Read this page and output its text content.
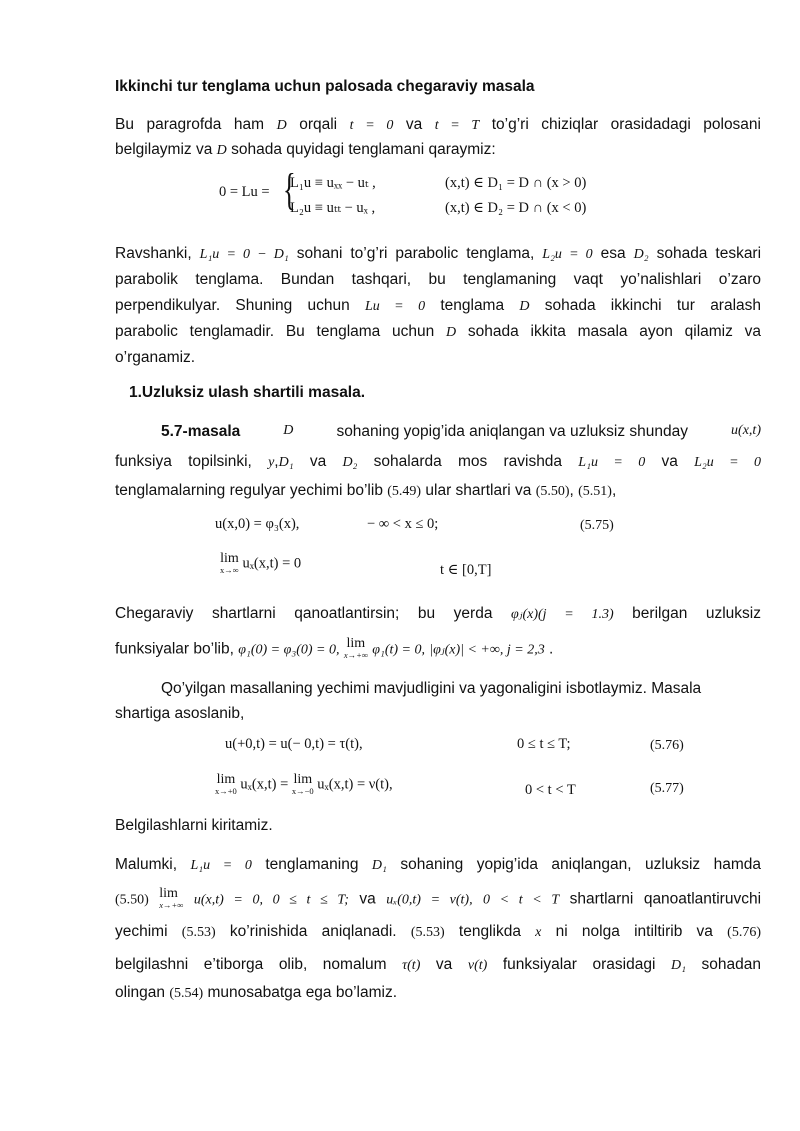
Ikkinchi tur tenglama uchun palosada chegaraviy masala
Bu paragrofda ham D orqali t = 0 va t = T to’g’ri chiziqlar orasidadagi polosani
belgilaymiz va D sohada quyidagi tenglamani qaraymiz:
0 = Lu = {
L₁u ≡ uₓₓ − uₜ ,	(x,t) ∈ D₁ = D ∩ (x > 0)
L₂u ≡ uₜₜ − uₓ ,	(x,t) ∈ D₂ = D ∩ (x < 0)
Ravshanki, L₁u = 0 − D₁ sohani to’g’ri parabolic tenglama, L₂u = 0 esa D₂ sohada teskari
parabolik tenglama. Bundan tashqari, bu tenglamaning vaqt yo’nalishlari o’zaro
perpendikulyar. Shuning uchun Lu = 0 tenglama D sohada ikkinchi tur aralash
parabolic tenglamadir. Bu tenglama uchun D sohada ikkita masala ayon qilamiz va
o’rganamiz.
1.Uzluksiz ulash shartili masala.
5.7-masala	D	sohaning yopig’ida aniqlangan va uzluksiz shunday	u(x,t)
funksiya topilsinki, y,D₁ va D₂ sohalarda mos ravishda L₁u = 0 va L₂u = 0
tenglamalarning regulyar yechimi bo’lib (5.49) ular shartlari va (5.50), (5.51),
u(x,0) = φ₃(x),	− ∞ < x ≤ 0;	(5.75)
lim
x→∞ uₓ(x,t) = 0	t ∈ [0,T]
Chegaraviy shartlarni qanoatlantirsin; bu yerda φⱼ(x)(j = 1.3) berilgan uzluksiz
funksiyalar bo’lib, φ₁(0) = φ₃(0) = 0, lim
x→+∞ φ₁(t) = 0, |φⱼ(x)| < +∞, j = 2,3 .
Qo’yilgan masallaning yechimi mavjudligini va yagonaligini isbotlaymiz. Masala
shartiga asoslanib,
u(+0,t) = u(− 0,t) = τ(t),	0 ≤ t ≤ T;	(5.76)
lim
x→+0 uₓ(x,t) = lim
x→−0 uₓ(x,t) = ν(t),	0 < t < T	(5.77)
Belgilashlarni kiritamiz.
Malumki, L₁u = 0 tenglamaning D₁ sohaning yopig’ida aniqlangan, uzluksiz hamda
(5.50) lim
x→+∞ u(x,t) = 0, 0 ≤ t ≤ T; va uₓ(0,t) = ν(t), 0 < t < T shartlarni qanoatlantiruvchi
yechimi (5.53) ko’rinishida aniqlanadi. (5.53) tenglikda x ni nolga intiltirib va (5.76)
belgilashni e’tiborga olib, nomalum τ(t) va ν(t) funksiyalar orasidagi D₁ sohadan
olingan (5.54) munosabatga ega bo’lamiz.
